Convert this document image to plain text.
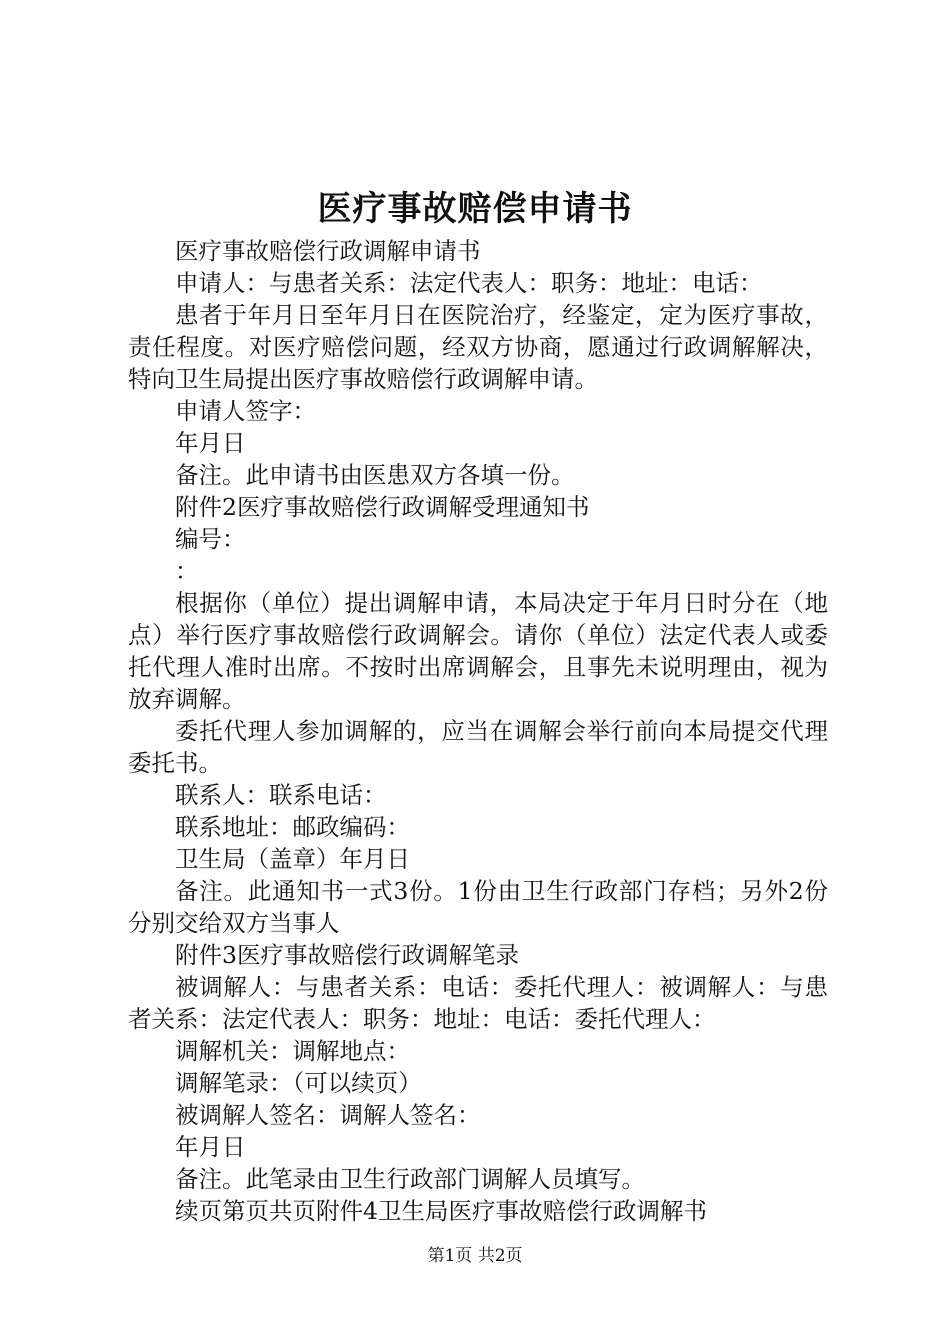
医疗事故赔偿申请书

医疗事故赔偿行政调解申请书

申请人：与患者关系：法定代表人：职务：地址：电话：

患者于年月日至年月日在医院治疗，经鉴定，定为医疗事故，责任程度。对医疗赔偿问题，经双方协商，愿通过行政调解解决，特向卫生局提出医疗事故赔偿行政调解申请。

申请人签字：

年月日

备注。此申请书由医患双方各填一份。

附件2医疗事故赔偿行政调解受理通知书

编号：

：

根据你（单位）提出调解申请，本局决定于年月日时分在（地点）举行医疗事故赔偿行政调解会。请你（单位）法定代表人或委托代理人准时出席。不按时出席调解会，且事先未说明理由，视为放弃调解。

委托代理人参加调解的，应当在调解会举行前向本局提交代理委托书。

联系人：联系电话：

联系地址：邮政编码：

卫生局（盖章）年月日

备注。此通知书一式3份。1份由卫生行政部门存档；另外2份分别交给双方当事人

附件3医疗事故赔偿行政调解笔录

被调解人：与患者关系：电话：委托代理人：被调解人：与患者关系：法定代表人：职务：地址：电话：委托代理人：

调解机关：调解地点：

调解笔录：（可以续页）

被调解人签名：调解人签名：

年月日

备注。此笔录由卫生行政部门调解人员填写。

续页第页共页附件4卫生局医疗事故赔偿行政调解书

第1页 共2页
